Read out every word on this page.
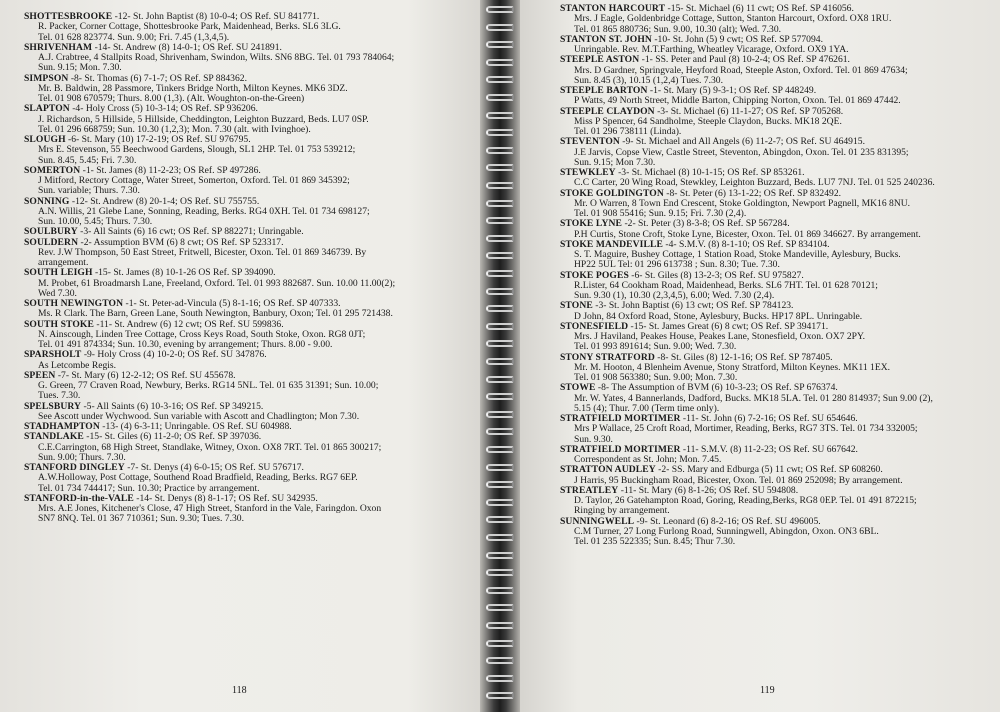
SHOTTESBROOKE -12- St. John Baptist (8) 10-0-4; OS Ref. SU 841771.
R. Packer, Corner Cottage, Shottesbrooke Park, Maidenhead, Berks. SL6 3LG.
Tel. 01 628 823774. Sun. 9.00; Fri. 7.45 (1,3,4,5).
SHRIVENHAM -14- St. Andrew (8) 14-0-1; OS Ref. SU 241891.
A.J. Crabtree, 4 Stallpits Road, Shrivenham, Swindon, Wilts. SN6 8BG. Tel. 01 793 784064;
Sun. 9.15; Mon. 7.30.
SIMPSON -8- St. Thomas (6) 7-1-7; OS Ref. SP 884362.
Mr. B. Baldwin, 28 Passmore, Tinkers Bridge North, Milton Keynes. MK6 3DZ.
Tel. 01 908 670579; Thurs. 8.00 (1,3). (Alt. Woughton-on-the-Green)
SLAPTON -4- Holy Cross (5) 10-3-14; OS Ref. SP 936206.
J. Richardson, 5 Hillside, 5 Hillside, Cheddington, Leighton Buzzard, Beds. LU7 0SP.
Tel. 01 296 668759; Sun. 10.30 (1,2,3); Mon. 7.30 (alt. with Ivinghoe).
SLOUGH -6- St. Mary (10) 17-2-19; OS Ref. SU 976795.
Mrs E. Stevenson, 55 Beechwood Gardens, Slough, SL1 2HP. Tel. 01 753 539212;
Sun. 8.45, 5.45; Fri. 7.30.
SOMERTON -1- St. James (8) 11-2-23; OS Ref. SP 497286.
J Mitford, Rectory Cottage, Water Street, Somerton, Oxford. Tel. 01 869 345392;
Sun. variable; Thurs. 7.30.
SONNING -12- St. Andrew (8) 20-1-4; OS Ref. SU 755755.
A.N. Willis, 21 Glebe Lane, Sonning, Reading, Berks. RG4 0XH. Tel. 01 734 698127;
Sun. 10.00, 5.45; Thurs. 7.30.
SOULBURY -3- All Saints (6) 16 cwt; OS Ref. SP 882271; Unringable.
SOULDERN -2- Assumption BVM (6) 8 cwt; OS Ref. SP 523317.
Rev. J.W Thompson, 50 East Street, Fritwell, Bicester, Oxon. Tel. 01 869 346739. By
arrangement.
SOUTH LEIGH -15- St. James (8) 10-1-26 OS Ref. SP 394090.
M. Probet, 61 Broadmarsh Lane, Freeland, Oxford. Tel. 01 993 882687. Sun. 10.00 11.00(2);
Wed 7.30.
SOUTH NEWINGTON -1- St. Peter-ad-Vincula (5) 8-1-16; OS Ref. SP 407333.
Ms. R Clark. The Barn, Green Lane, South Newington, Banbury, Oxon; Tel. 01 295 721438.
SOUTH STOKE -11- St. Andrew (6) 12 cwt; OS Ref. SU 599836.
N. Ainscough, Linden Tree Cottage, Cross Keys Road, South Stoke, Oxon. RG8 0JT;
Tel. 01 491 874334; Sun. 10.30, evening by arrangement; Thurs. 8.00 - 9.00.
SPARSHOLT -9- Holy Cross (4) 10-2-0; OS Ref. SU 347876.
As Letcombe Regis.
SPEEN -7- St. Mary (6) 12-2-12; OS Ref. SU 455678.
G. Green, 77 Craven Road, Newbury, Berks. RG14 5NL. Tel. 01 635 31391; Sun. 10.00;
Tues. 7.30.
SPELSBURY -5- All Saints (6) 10-3-16; OS Ref. SP 349215.
See Ascott under Wychwood. Sun variable with Ascott and Chadlington; Mon 7.30.
STADHAMPTON -13- (4) 6-3-11; Unringable. OS Ref. SU 604988.
STANDLAKE -15- St. Giles (6) 11-2-0; OS Ref. SP 397036.
C.E.Carrington, 68 High Street, Standlake, Witney, Oxon. OX8 7RT. Tel. 01 865 300217;
Sun. 9.00; Thurs. 7.30.
STANFORD DINGLEY -7- St. Denys (4) 6-0-15; OS Ref. SU 576717.
A.W.Holloway, Post Cottage, Southend Road Bradfield, Reading, Berks. RG7 6EP.
Tel. 01 734 744417; Sun. 10.30; Practice by arrangement.
STANFORD-in-the-VALE -14- St. Denys (8) 8-1-17; OS Ref. SU 342935.
Mrs. A.E Jones, Kitchener's Close, 47 High Street, Stanford in the Vale, Faringdon. Oxon
SN7 8NQ. Tel. 01 367 710361; Sun. 9.30; Tues. 7.30.
118
STANTON HARCOURT -15- St. Michael (6) 11 cwt; OS Ref. SP 416056.
Mrs. J Eagle, Goldenbridge Cottage, Sutton, Stanton Harcourt, Oxford. OX8 1RU.
Tel. 01 865 880736; Sun. 9.00, 10.30 (alt); Wed. 7.30.
STANTON ST. JOHN -10- St. John (5) 9 cwt; OS Ref. SP 577094.
Unringable. Rev. M.T.Farthing, Wheatley Vicarage, Oxford. OX9 1YA.
STEEPLE ASTON -1- SS. Peter and Paul (8) 10-2-4; OS Ref. SP 476261.
Mrs. D Gardner, Springvale, Heyford Road, Steeple Aston, Oxford. Tel. 01 869 47634;
Sun. 8.45 (3), 10.15 (1,2,4) Tues. 7.30.
STEEPLE BARTON -1- St. Mary (5) 9-3-1; OS Ref. SP 448249.
P Watts, 49 North Street, Middle Barton, Chipping Norton, Oxon. Tel. 01 869 47442.
STEEPLE CLAYDON -3- St. Michael (6) 11-1-27; OS Ref. SP 705268.
Miss P Spencer, 64 Sandholme, Steeple Claydon, Bucks. MK18 2QE.
Tel. 01 296 738111 (Linda).
STEVENTON -9- St. Michael and All Angels (6) 11-2-7; OS Ref. SU 464915.
J.E Jarvis, Copse View, Castle Street, Steventon, Abingdon, Oxon. Tel. 01 235 831395;
Sun. 9.15; Mon 7.30.
STEWKLEY -3- St. Michael (8) 10-1-15; OS Ref. SP 853261.
C.C Carter, 20 Wing Road, Stewkley, Leighton Buzzard, Beds. LU7 7NJ. Tel. 01 525 240236.
STOKE GOLDINGTON -8- St. Peter (6) 13-1-22; OS Ref. SP 832492.
Mr. O Warren, 8 Town End Crescent, Stoke Goldington, Newport Pagnell, MK16 8NU.
Tel. 01 908 55416; Sun. 9.15; Fri. 7.30 (2,4).
STOKE LYNE -2- St. Peter (3) 8-3-8; OS Ref. SP 567284.
P.H Curtis, Stone Croft, Stoke Lyne, Bicester, Oxon. Tel. 01 869 346627. By arrangement.
STOKE MANDEVILLE -4- S.M.V. (8) 8-1-10; OS Ref. SP 834104.
S. T. Maguire, Bushey Cottage, 1 Station Road, Stoke Mandeville, Aylesbury, Bucks.
HP22 5UL Tel: 01 296 613738 ; Sun. 8.30; Tue. 7.30.
STOKE POGES -6- St. Giles (8) 13-2-3; OS Ref. SU 975827.
R.Lister, 64 Cookham Road, Maidenhead, Berks. SL6 7HT. Tel. 01 628 70121;
Sun. 9.30 (1), 10.30 (2,3,4,5), 6.00; Wed. 7.30 (2,4).
STONE -3- St. John Baptist (6) 13 cwt; OS Ref. SP 784123.
D John, 84 Oxford Road, Stone, Aylesbury, Bucks. HP17 8PL. Unringable.
STONESFIELD -15- St. James Great (6) 8 cwt; OS Ref. SP 394171.
Mrs. J Haviland, Peakes House, Peakes Lane, Stonesfield, Oxon. OX7 2PY.
Tel. 01 993 891614; Sun. 9.00; Wed. 7.30.
STONY STRATFORD -8- St. Giles (8) 12-1-16; OS Ref. SP 787405.
Mr. M. Hooton, 4 Blenheim Avenue, Stony Stratford, Milton Keynes. MK11 1EX.
Tel. 01 908 563380; Sun. 9.00; Mon. 7.30.
STOWE -8- The Assumption of BVM (6) 10-3-23; OS Ref. SP 676374.
Mr. W. Yates, 4 Bannerlands, Dadford, Bucks. MK18 5LA. Tel. 01 280 814937; Sun 9.00 (2),
5.15 (4); Thur. 7.00 (Term time only).
STRATFIELD MORTIMER -11- St. John (6) 7-2-16; OS Ref. SU 654646.
Mrs P Wallace, 25 Croft Road, Mortimer, Reading, Berks, RG7 3TS. Tel. 01 734 332005;
Sun. 9.30.
STRATFIELD MORTIMER -11- S.M.V. (8) 11-2-23; OS Ref. SU 667642.
Correspondent as St. John; Mon. 7.45.
STRATTON AUDLEY -2- SS. Mary and Edburga (5) 11 cwt; OS Ref. SP 608260.
J Harris, 95 Buckingham Road, Bicester, Oxon. Tel. 01 869 252098; By arrangement.
STREATLEY -11- St. Mary (6) 8-1-26; OS Ref. SU 594808.
D. Taylor, 26 Gatehampton Road, Goring, Reading,Berks, RG8 0EP. Tel. 01 491 872215;
Ringing by arrangement.
SUNNINGWELL -9- St. Leonard (6) 8-2-16; OS Ref. SU 496005.
C.M Turner, 27 Long Furlong Road, Sunningwell, Abingdon, Oxon. ON3 6BL.
Tel. 01 235 522335; Sun. 8.45; Thur 7.30.
119
